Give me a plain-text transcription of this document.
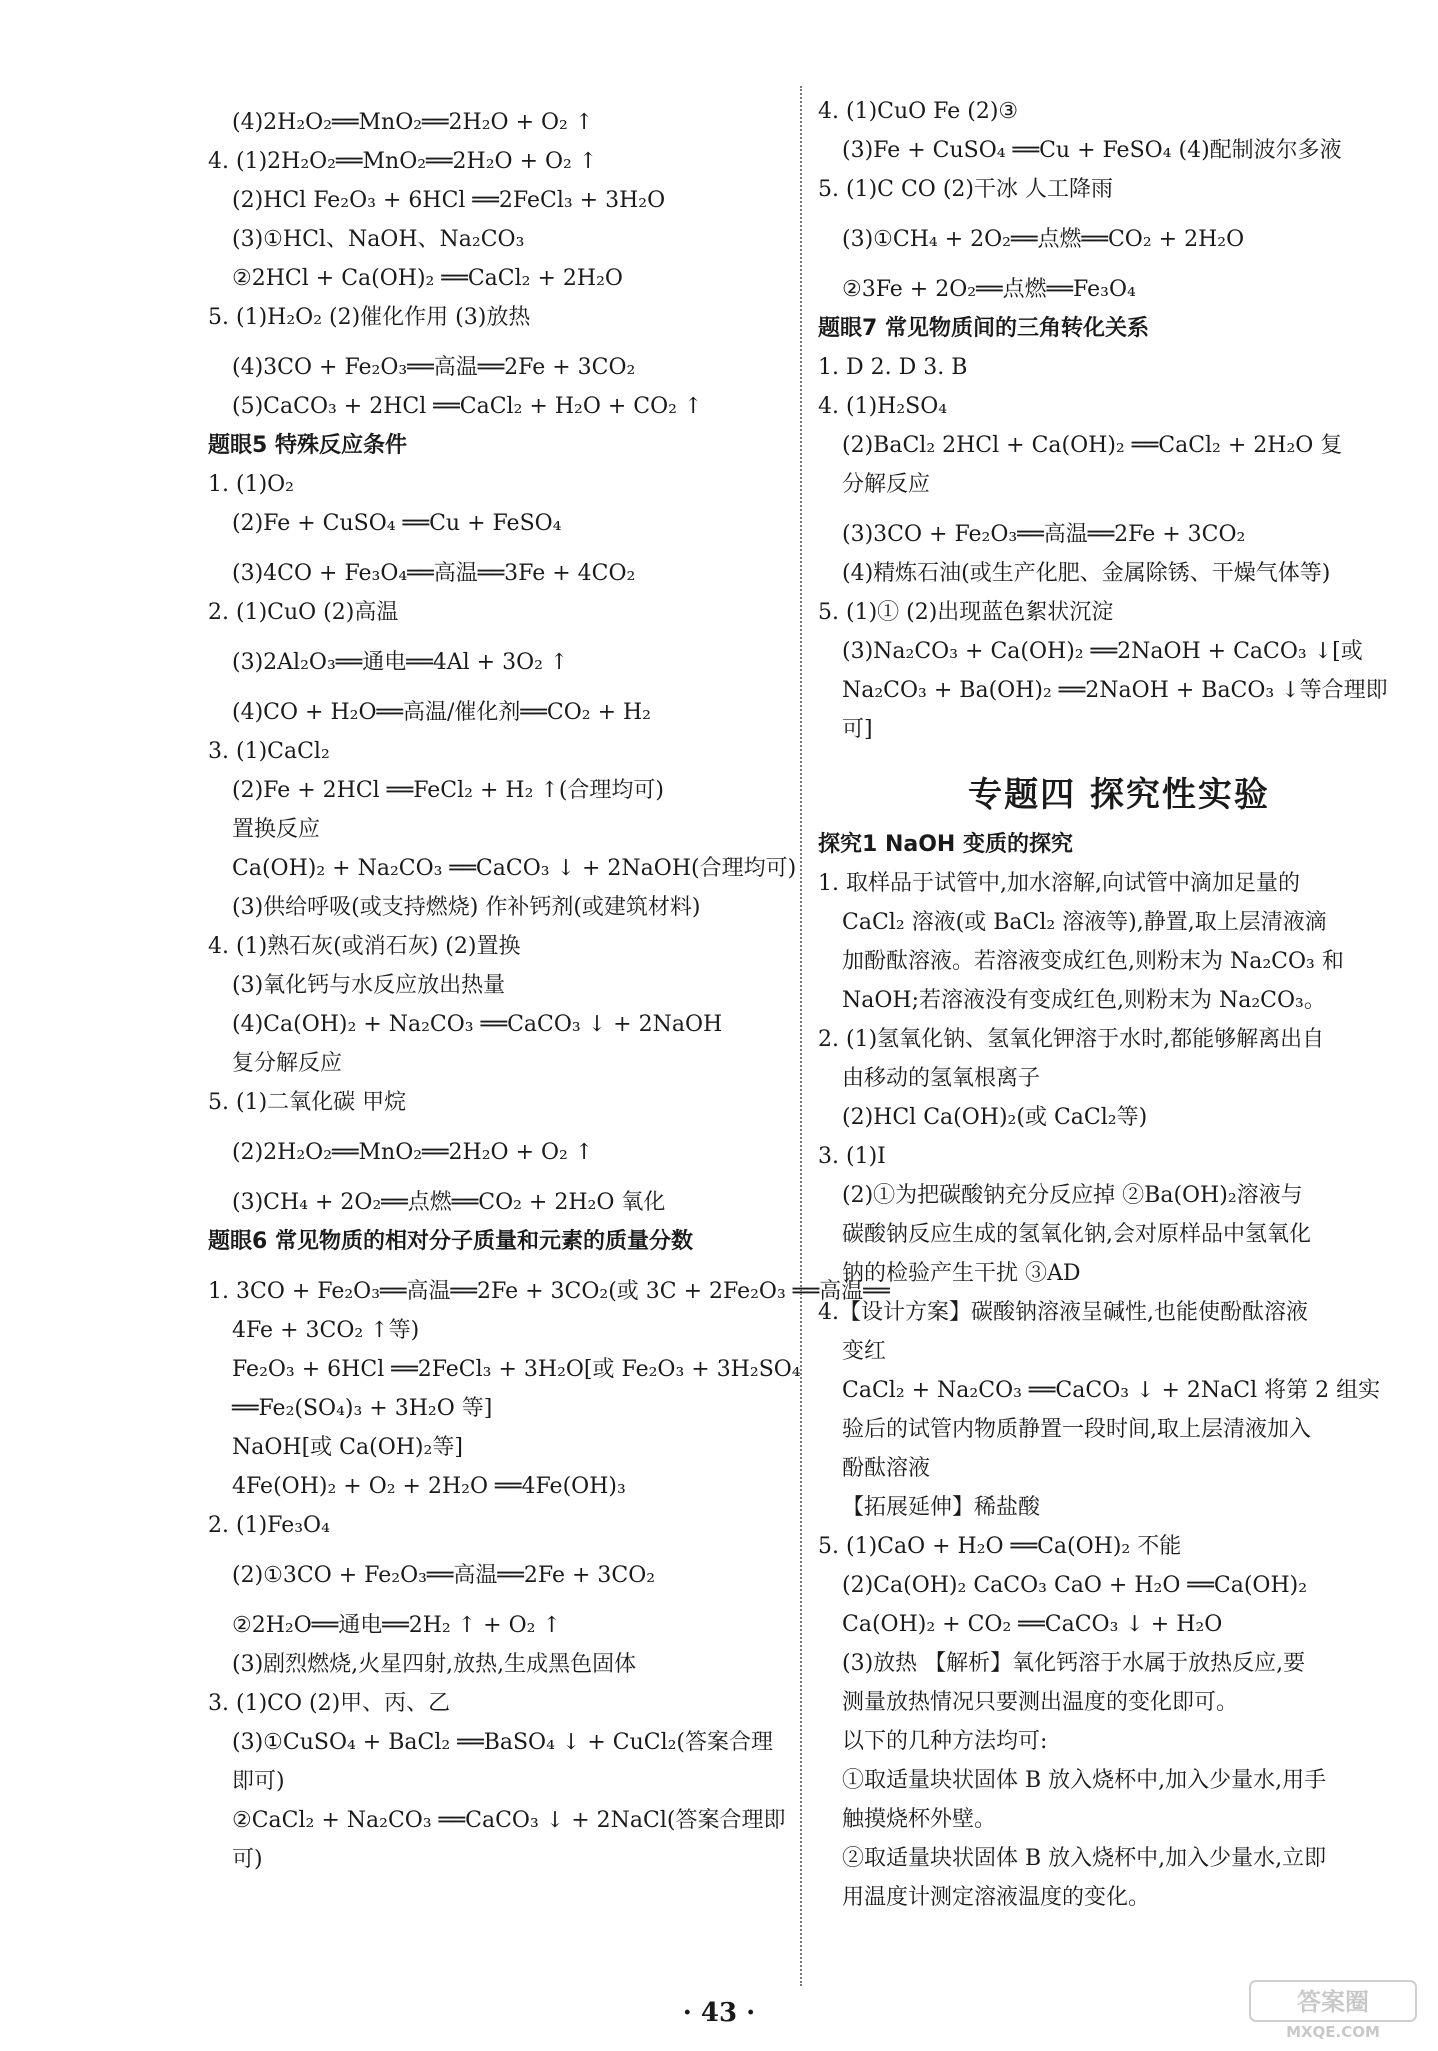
(4)2H₂O₂══MnO₂══2H₂O + O₂ ↑
4. (1)2H₂O₂══MnO₂══2H₂O + O₂ ↑
(2)HCl Fe₂O₃ + 6HCl ══2FeCl₃ + 3H₂O
(3)①HCl、NaOH、Na₂CO₃
②2HCl + Ca(OH)₂ ══CaCl₂ + 2H₂O
5. (1)H₂O₂ (2)催化作用 (3)放热
(4)3CO + Fe₂O₃══高温══2Fe + 3CO₂
(5)CaCO₃ + 2HCl ══CaCl₂ + H₂O + CO₂ ↑
题眼5 特殊反应条件
1. (1)O₂
(2)Fe + CuSO₄ ══Cu + FeSO₄
(3)4CO + Fe₃O₄══高温══3Fe + 4CO₂
2. (1)CuO (2)高温
(3)2Al₂O₃══通电══4Al + 3O₂ ↑
(4)CO + H₂O══高温/催化剂══CO₂ + H₂
3. (1)CaCl₂
(2)Fe + 2HCl ══FeCl₂ + H₂ ↑(合理均可)
置换反应
Ca(OH)₂ + Na₂CO₃ ══CaCO₃ ↓ + 2NaOH(合理均可)
(3)供给呼吸(或支持燃烧) 作补钙剂(或建筑材料)
4. (1)熟石灰(或消石灰) (2)置换
(3)氧化钙与水反应放出热量
(4)Ca(OH)₂ + Na₂CO₃ ══CaCO₃ ↓ + 2NaOH
复分解反应
5. (1)二氧化碳 甲烷
(2)2H₂O₂══MnO₂══2H₂O + O₂ ↑
(3)CH₄ + 2O₂══点燃══CO₂ + 2H₂O 氧化
题眼6 常见物质的相对分子质量和元素的质量分数
1. 3CO + Fe₂O₃══高温══2Fe + 3CO₂(或 3C + 2Fe₂O₃ ══高温══
4Fe + 3CO₂ ↑等)
Fe₂O₃ + 6HCl ══2FeCl₃ + 3H₂O[或 Fe₂O₃ + 3H₂SO₄
══Fe₂(SO₄)₃ + 3H₂O 等]
NaOH[或 Ca(OH)₂等]
4Fe(OH)₂ + O₂ + 2H₂O ══4Fe(OH)₃
2. (1)Fe₃O₄
(2)①3CO + Fe₂O₃══高温══2Fe + 3CO₂
②2H₂O══通电══2H₂ ↑ + O₂ ↑
(3)剧烈燃烧,火星四射,放热,生成黑色固体
3. (1)CO (2)甲、丙、乙
(3)①CuSO₄ + BaCl₂ ══BaSO₄ ↓ + CuCl₂(答案合理
即可)
②CaCl₂ + Na₂CO₃ ══CaCO₃ ↓ + 2NaCl(答案合理即
可)
4. (1)CuO Fe (2)③
(3)Fe + CuSO₄ ══Cu + FeSO₄ (4)配制波尔多液
5. (1)C CO (2)干冰 人工降雨
(3)①CH₄ + 2O₂══点燃══CO₂ + 2H₂O
②3Fe + 2O₂══点燃══Fe₃O₄
题眼7 常见物质间的三角转化关系
1. D 2. D 3. B
4. (1)H₂SO₄
(2)BaCl₂ 2HCl + Ca(OH)₂ ══CaCl₂ + 2H₂O 复
分解反应
(3)3CO + Fe₂O₃══高温══2Fe + 3CO₂
(4)精炼石油(或生产化肥、金属除锈、干燥气体等)
5. (1)① (2)出现蓝色絮状沉淀
(3)Na₂CO₃ + Ca(OH)₂ ══2NaOH + CaCO₃ ↓[或
Na₂CO₃ + Ba(OH)₂ ══2NaOH + BaCO₃ ↓等合理即
可]
专题四 探究性实验
探究1 NaOH 变质的探究
1. 取样品于试管中,加水溶解,向试管中滴加足量的
CaCl₂ 溶液(或 BaCl₂ 溶液等),静置,取上层清液滴
加酚酞溶液。若溶液变成红色,则粉末为 Na₂CO₃ 和
NaOH;若溶液没有变成红色,则粉末为 Na₂CO₃。
2. (1)氢氧化钠、氢氧化钾溶于水时,都能够解离出自
由移动的氢氧根离子
(2)HCl Ca(OH)₂(或 CaCl₂等)
3. (1)Ⅰ
(2)①为把碳酸钠充分反应掉 ②Ba(OH)₂溶液与
碳酸钠反应生成的氢氧化钠,会对原样品中氢氧化
钠的检验产生干扰 ③AD
4.【设计方案】碳酸钠溶液呈碱性,也能使酚酞溶液
变红
CaCl₂ + Na₂CO₃ ══CaCO₃ ↓ + 2NaCl 将第 2 组实
验后的试管内物质静置一段时间,取上层清液加入
酚酞溶液
【拓展延伸】稀盐酸
5. (1)CaO + H₂O ══Ca(OH)₂ 不能
(2)Ca(OH)₂ CaCO₃ CaO + H₂O ══Ca(OH)₂
Ca(OH)₂ + CO₂ ══CaCO₃ ↓ + H₂O
(3)放热 【解析】氧化钙溶于水属于放热反应,要
测量放热情况只要测出温度的变化即可。
以下的几种方法均可:
①取适量块状固体 B 放入烧杯中,加入少量水,用手
触摸烧杯外壁。
②取适量块状固体 B 放入烧杯中,加入少量水,立即
用温度计测定溶液温度的变化。
· 43 ·	答案圈
MXQE.COM
